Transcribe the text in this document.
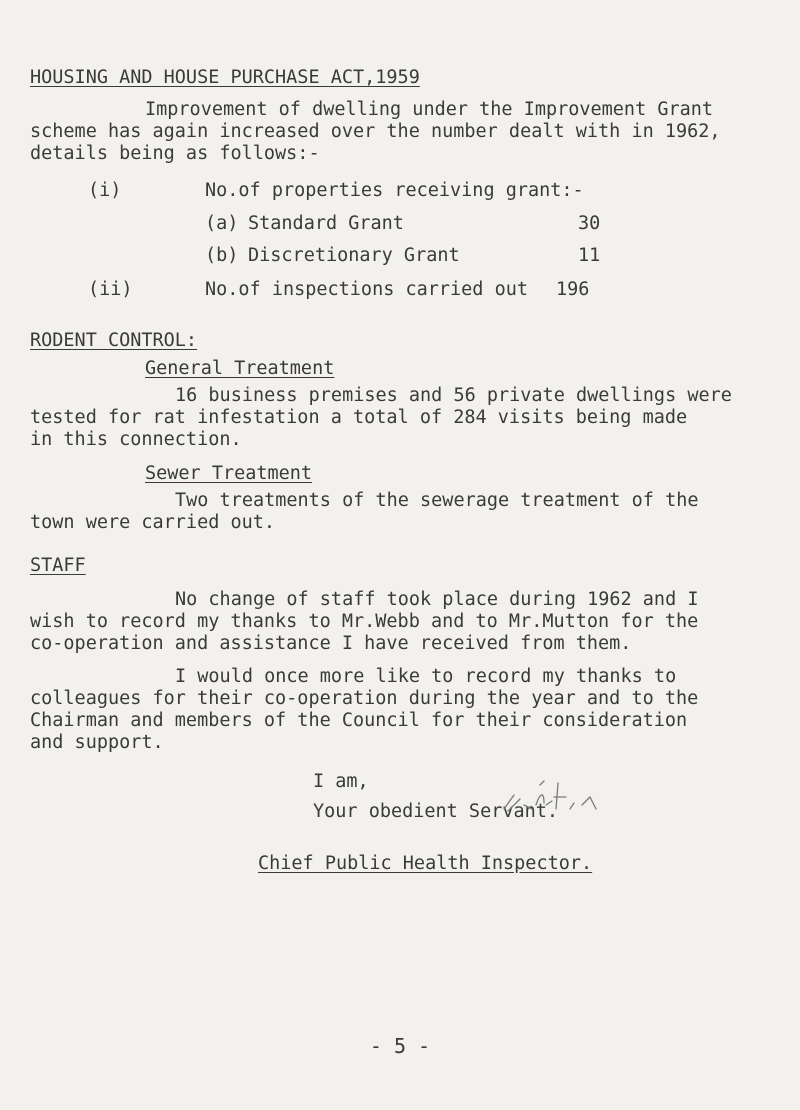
HOUSING AND HOUSE PURCHASE ACT,1959
Improvement of dwelling under the Improvement Grant
scheme has again increased over the number dealt with in 1962,
details being as follows:-
(i)	No.of properties receiving grant:-
(a) Standard Grant	30
(b) Discretionary Grant	11
(ii)	No.of inspections carried out 196
RODENT CONTROL:
General Treatment
16 business premises and 56 private dwellings were
tested for rat infestation a total of 284 visits being made
in this connection.
Sewer Treatment
Two treatments of the sewerage treatment of the
town were carried out.
STAFF
No change of staff took place during 1962 and I
wish to record my thanks to Mr.Webb and to Mr.Mutton for the
co-operation and assistance I have received from them.
I would once more like to record my thanks to
colleagues for their co-operation during the year and to the
Chairman and members of the Council for their consideration
and support.
I am,
Your obedient Servant.
Chief Public Health Inspector.
- 5 -
